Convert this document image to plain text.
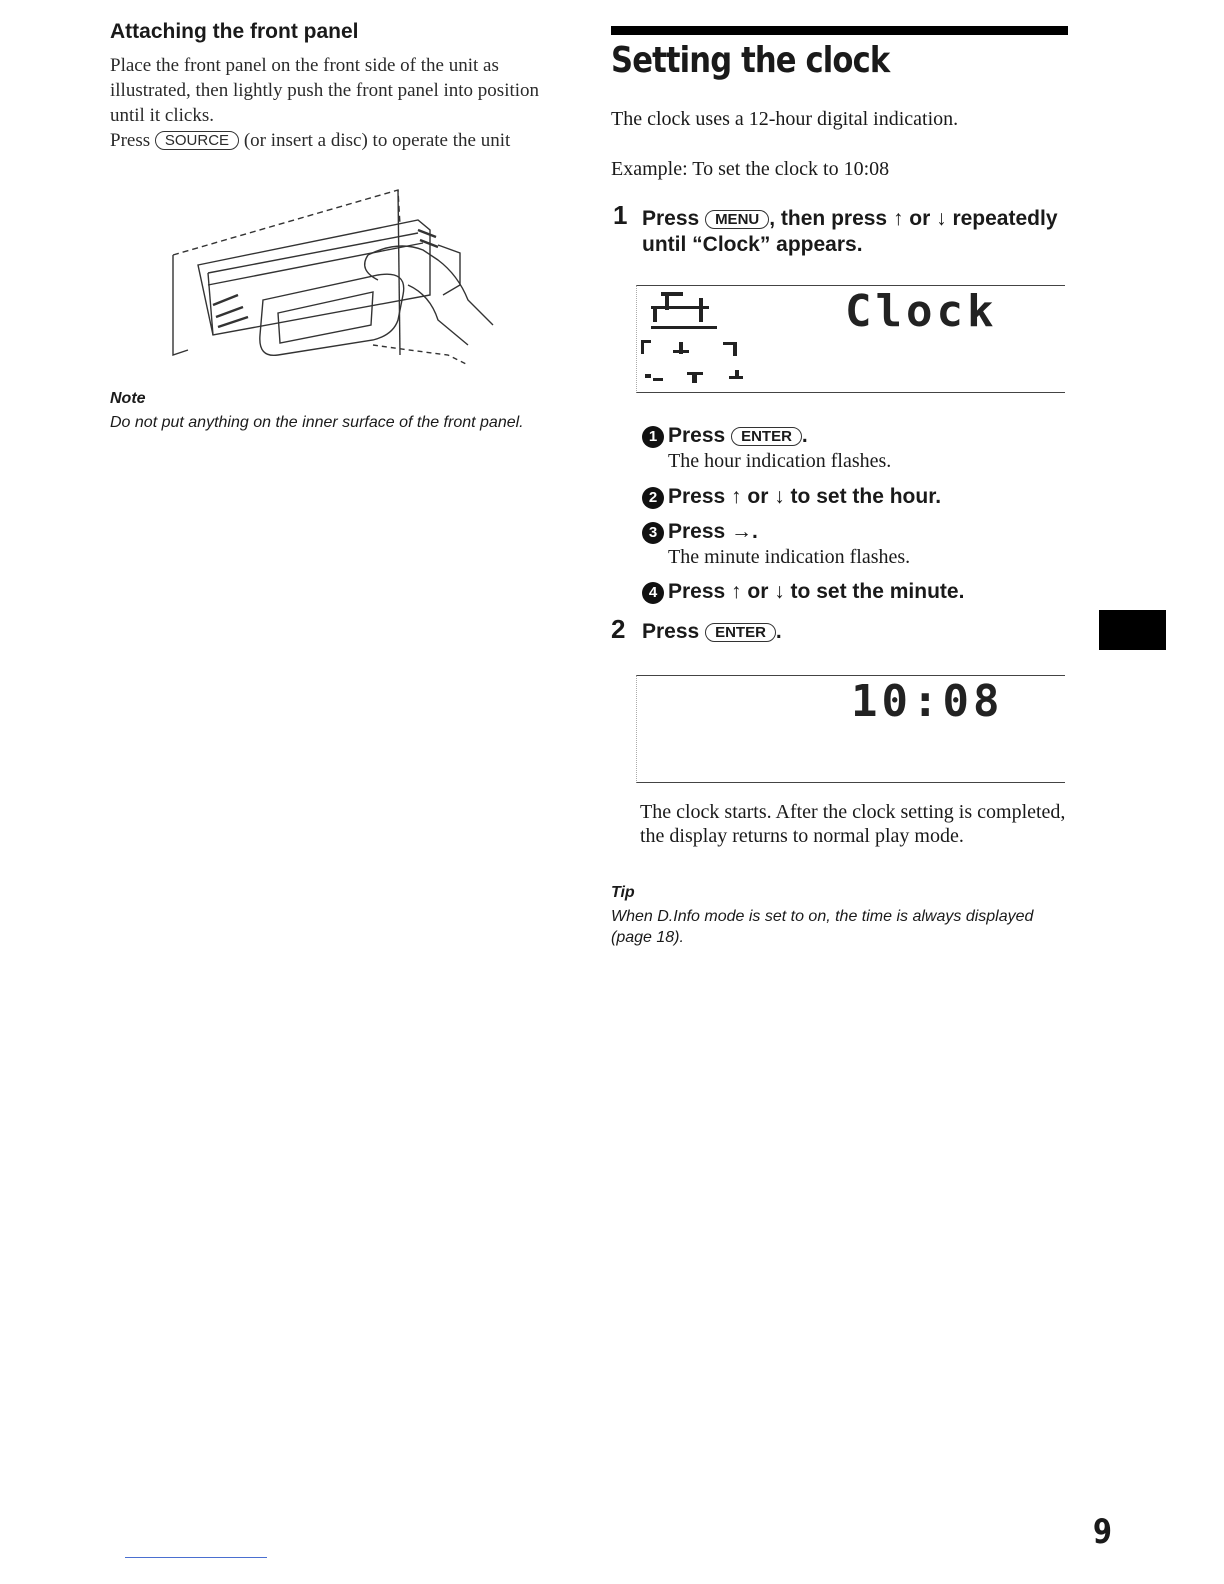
Attaching the front panel

Place the front panel on the front side of the unit as illustrated, then lightly push the front panel into position until it clicks.

Press SOURCE (or insert a disc) to operate the unit

Note
Do not put anything on the inner surface of the front panel.
Setting the clock
The clock uses a 12-hour digital indication.
Example: To set the clock to 10:08
1 Press MENU , then press ↑ or ↓ repeatedly until “Clock” appears.
Clock
1 Press ENTER .
The hour indication flashes.
2 Press ↑ or ↓ to set the hour.
3 Press →.
The minute indication flashes.
4 Press ↑ or ↓ to set the minute.
2 Press ENTER .
10:08
The clock starts. After the clock setting is completed, the display returns to normal play mode.
Tip
When D.Info mode is set to on, the time is always displayed (page 18).
9
